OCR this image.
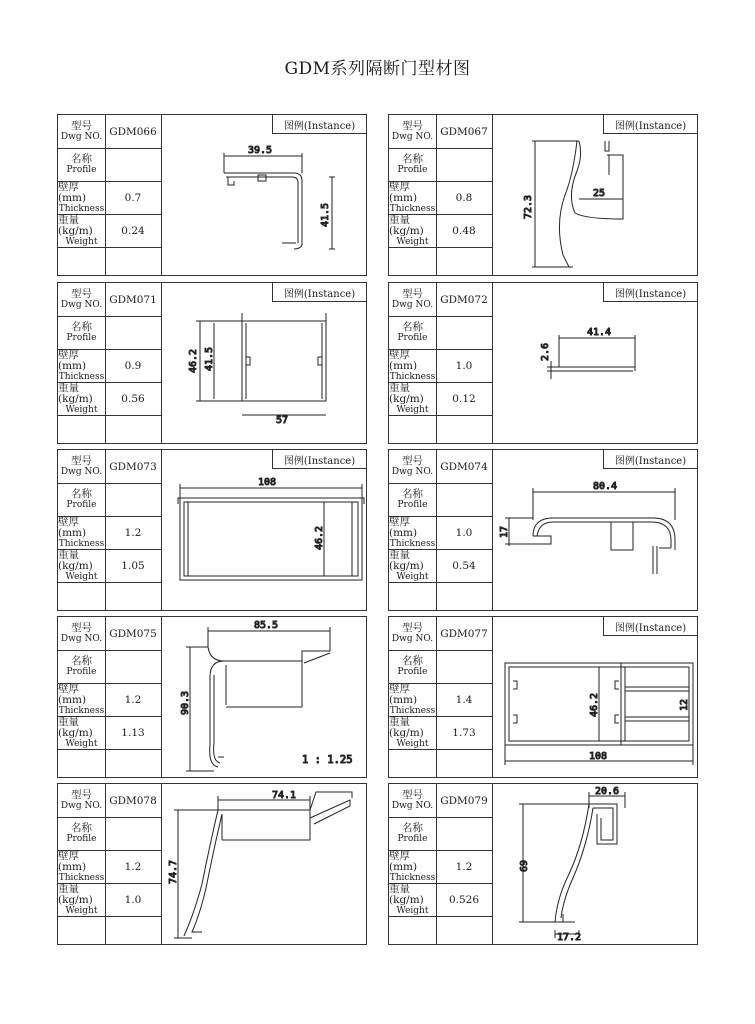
GDM系列隔断门型材图
型号
Dwg NO.
名称
Profile
壁厚(mm)
Thickness
重量(kg/m)
Weight
GDM066
0.7
0.24
图例(Instance)
39.5
41.5
型号
Dwg NO.
名称
Profile
壁厚(mm)
Thickness
重量(kg/m)
Weight
GDM067
0.8
0.48
图例(Instance)
72.3
25
型号
Dwg NO.
名称
Profile
壁厚(mm)
Thickness
重量(kg/m)
Weight
GDM071
0.9
0.56
图例(Instance)
46.2 41.5
57
型号
Dwg NO.
名称
Profile
壁厚(mm)
Thickness
重量(kg/m)
Weight
GDM072
1.0
0.12
图例(Instance)
41.4
2.6
型号
Dwg NO.
名称
Profile
壁厚(mm)
Thickness
重量(kg/m)
Weight
GDM073
1.2
1.05
图例(Instance)
108
46.2
型号
Dwg NO.
名称
Profile
壁厚(mm)
Thickness
重量(kg/m)
Weight
GDM074
1.0
0.54
图例(Instance)
80.4
17
型号
Dwg NO.
名称
Profile
壁厚(mm)
Thickness
重量(kg/m)
Weight
GDM075
1.2
1.13
85.5
90.3
1 : 1.25
型号
Dwg NO.
名称
Profile
壁厚(mm)
Thickness
重量(kg/m)
Weight
GDM077
1.4
1.73
图例(Instance)
46.2	12
108
型号
Dwg NO.
名称
Profile
壁厚(mm)
Thickness
重量(kg/m)
Weight
GDM078
1.2
1.0
74.1
74.7
型号
Dwg NO.
名称
Profile
壁厚(mm)
Thickness
重量(kg/m)
Weight
GDM079
1.2
0.526
20.6
69
17.2
